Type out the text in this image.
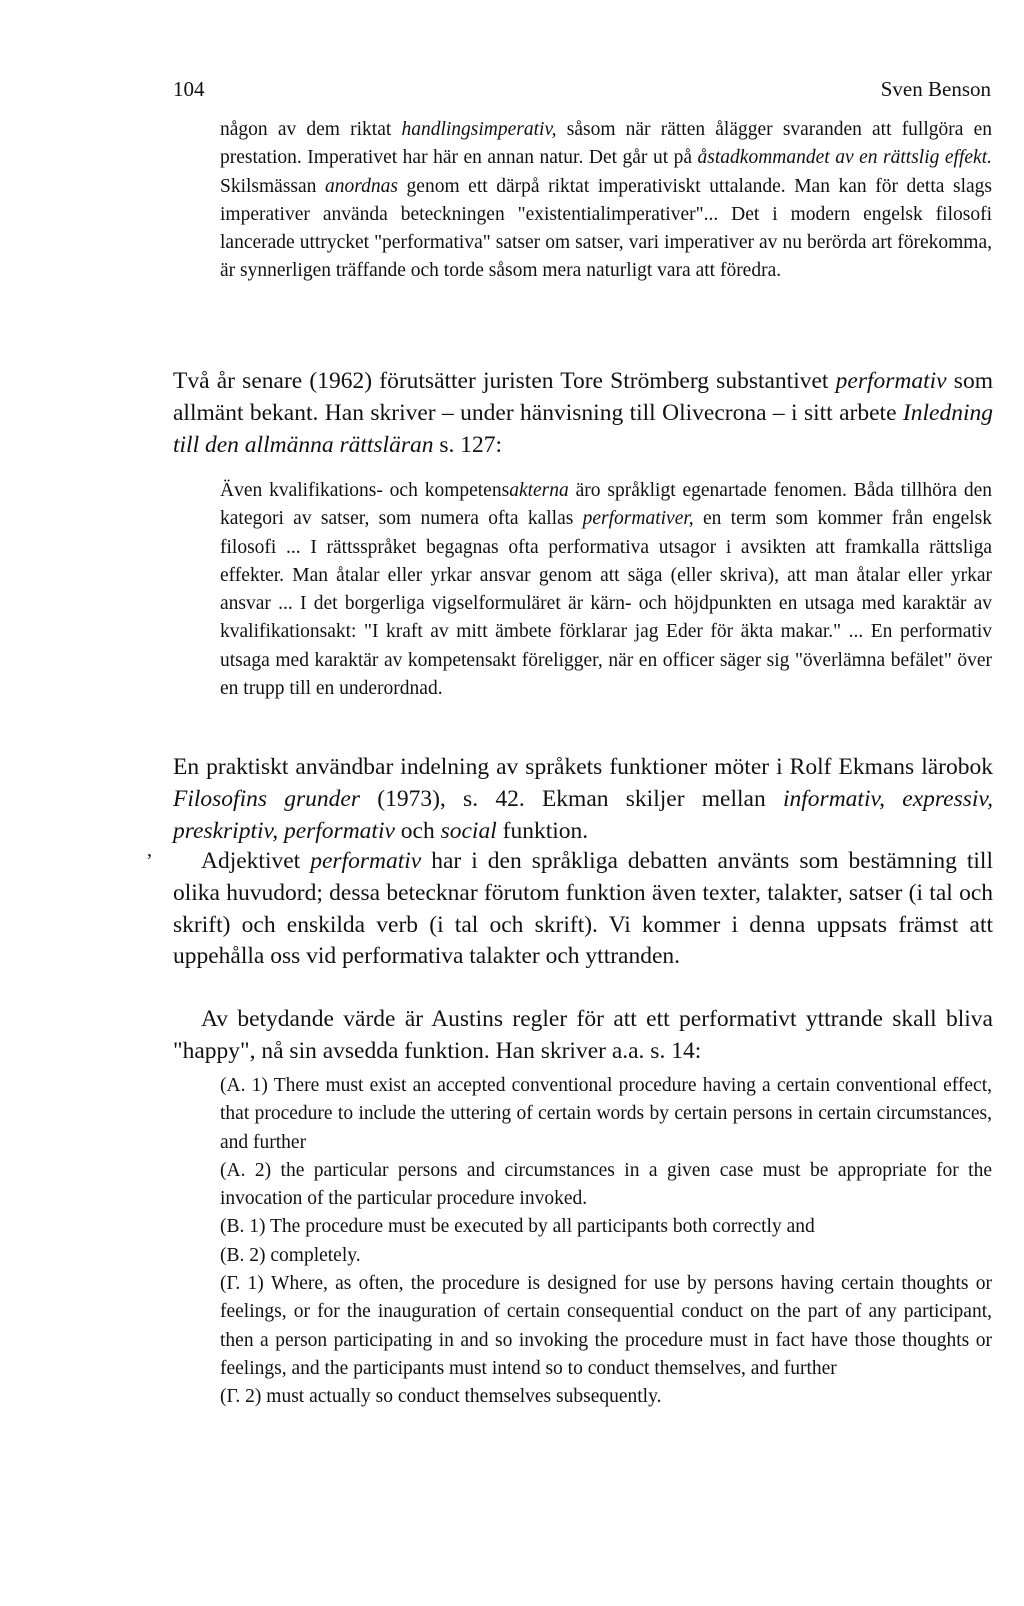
104	Sven Benson

någon av dem riktat handlingsimperativ, såsom när rätten ålägger svaranden att fullgöra en prestation. Imperativet har här en annan natur. Det går ut på åstadkommandet av en rättslig effekt. Skilsmässan anordnas genom ett därpå riktat imperativiskt uttalande. Man kan för detta slags imperativer använda beteckningen "existentialimperativer"... Det i modern engelsk filosofi lancerade uttrycket "performativa" satser om satser, vari imperativer av nu berörda art förekomma, är synnerligen träffande och torde såsom mera naturligt vara att föredra.

Två år senare (1962) förutsätter juristen Tore Strömberg substantivet performativ som allmänt bekant. Han skriver – under hänvisning till Olivecrona – i sitt arbete Inledning till den allmänna rättsläran s. 127:

Även kvalifikations- och kompetensakterna äro språkligt egenartade fenomen. Båda tillhöra den kategori av satser, som numera ofta kallas performativer, en term som kommer från engelsk filosofi ... I rättsspråket begagnas ofta performativa utsagor i avsikten att framkalla rättsliga effekter. Man åtalar eller yrkar ansvar genom att säga (eller skriva), att man åtalar eller yrkar ansvar ... I det borgerliga vigselformuläret är kärn- och höjdpunkten en utsaga med karaktär av kvalifikationsakt: "I kraft av mitt ämbete förklarar jag Eder för äkta makar." ... En performativ utsaga med karaktär av kompetensakt föreligger, när en officer säger sig "överlämna befälet" över en trupp till en underordnad.

En praktiskt användbar indelning av språkets funktioner möter i Rolf Ekmans lärobok Filosofins grunder (1973), s. 42. Ekman skiljer mellan informativ, expressiv, preskriptiv, performativ och social funktion.

,	Adjektivet performativ har i den språkliga debatten använts som bestämning till olika huvudord; dessa betecknar förutom funktion även texter, talakter, satser (i tal och skrift) och enskilda verb (i tal och skrift). Vi kommer i denna uppsats främst att uppehålla oss vid performativa talakter och yttranden.

Av betydande värde är Austins regler för att ett performativt yttrande skall bliva "happy", nå sin avsedda funktion. Han skriver a.a. s. 14:

(A. 1) There must exist an accepted conventional procedure having a certain conventional effect, that procedure to include the uttering of certain words by certain persons in certain circumstances, and further

(A. 2) the particular persons and circumstances in a given case must be appropriate for the invocation of the particular procedure invoked.

(B. 1) The procedure must be executed by all participants both correctly and

(B. 2) completely.

(Γ. 1) Where, as often, the procedure is designed for use by persons having certain thoughts or feelings, or for the inauguration of certain consequential conduct on the part of any participant, then a person participating in and so invoking the procedure must in fact have those thoughts or feelings, and the participants must intend so to conduct themselves, and further

(Γ. 2) must actually so conduct themselves subsequently.
